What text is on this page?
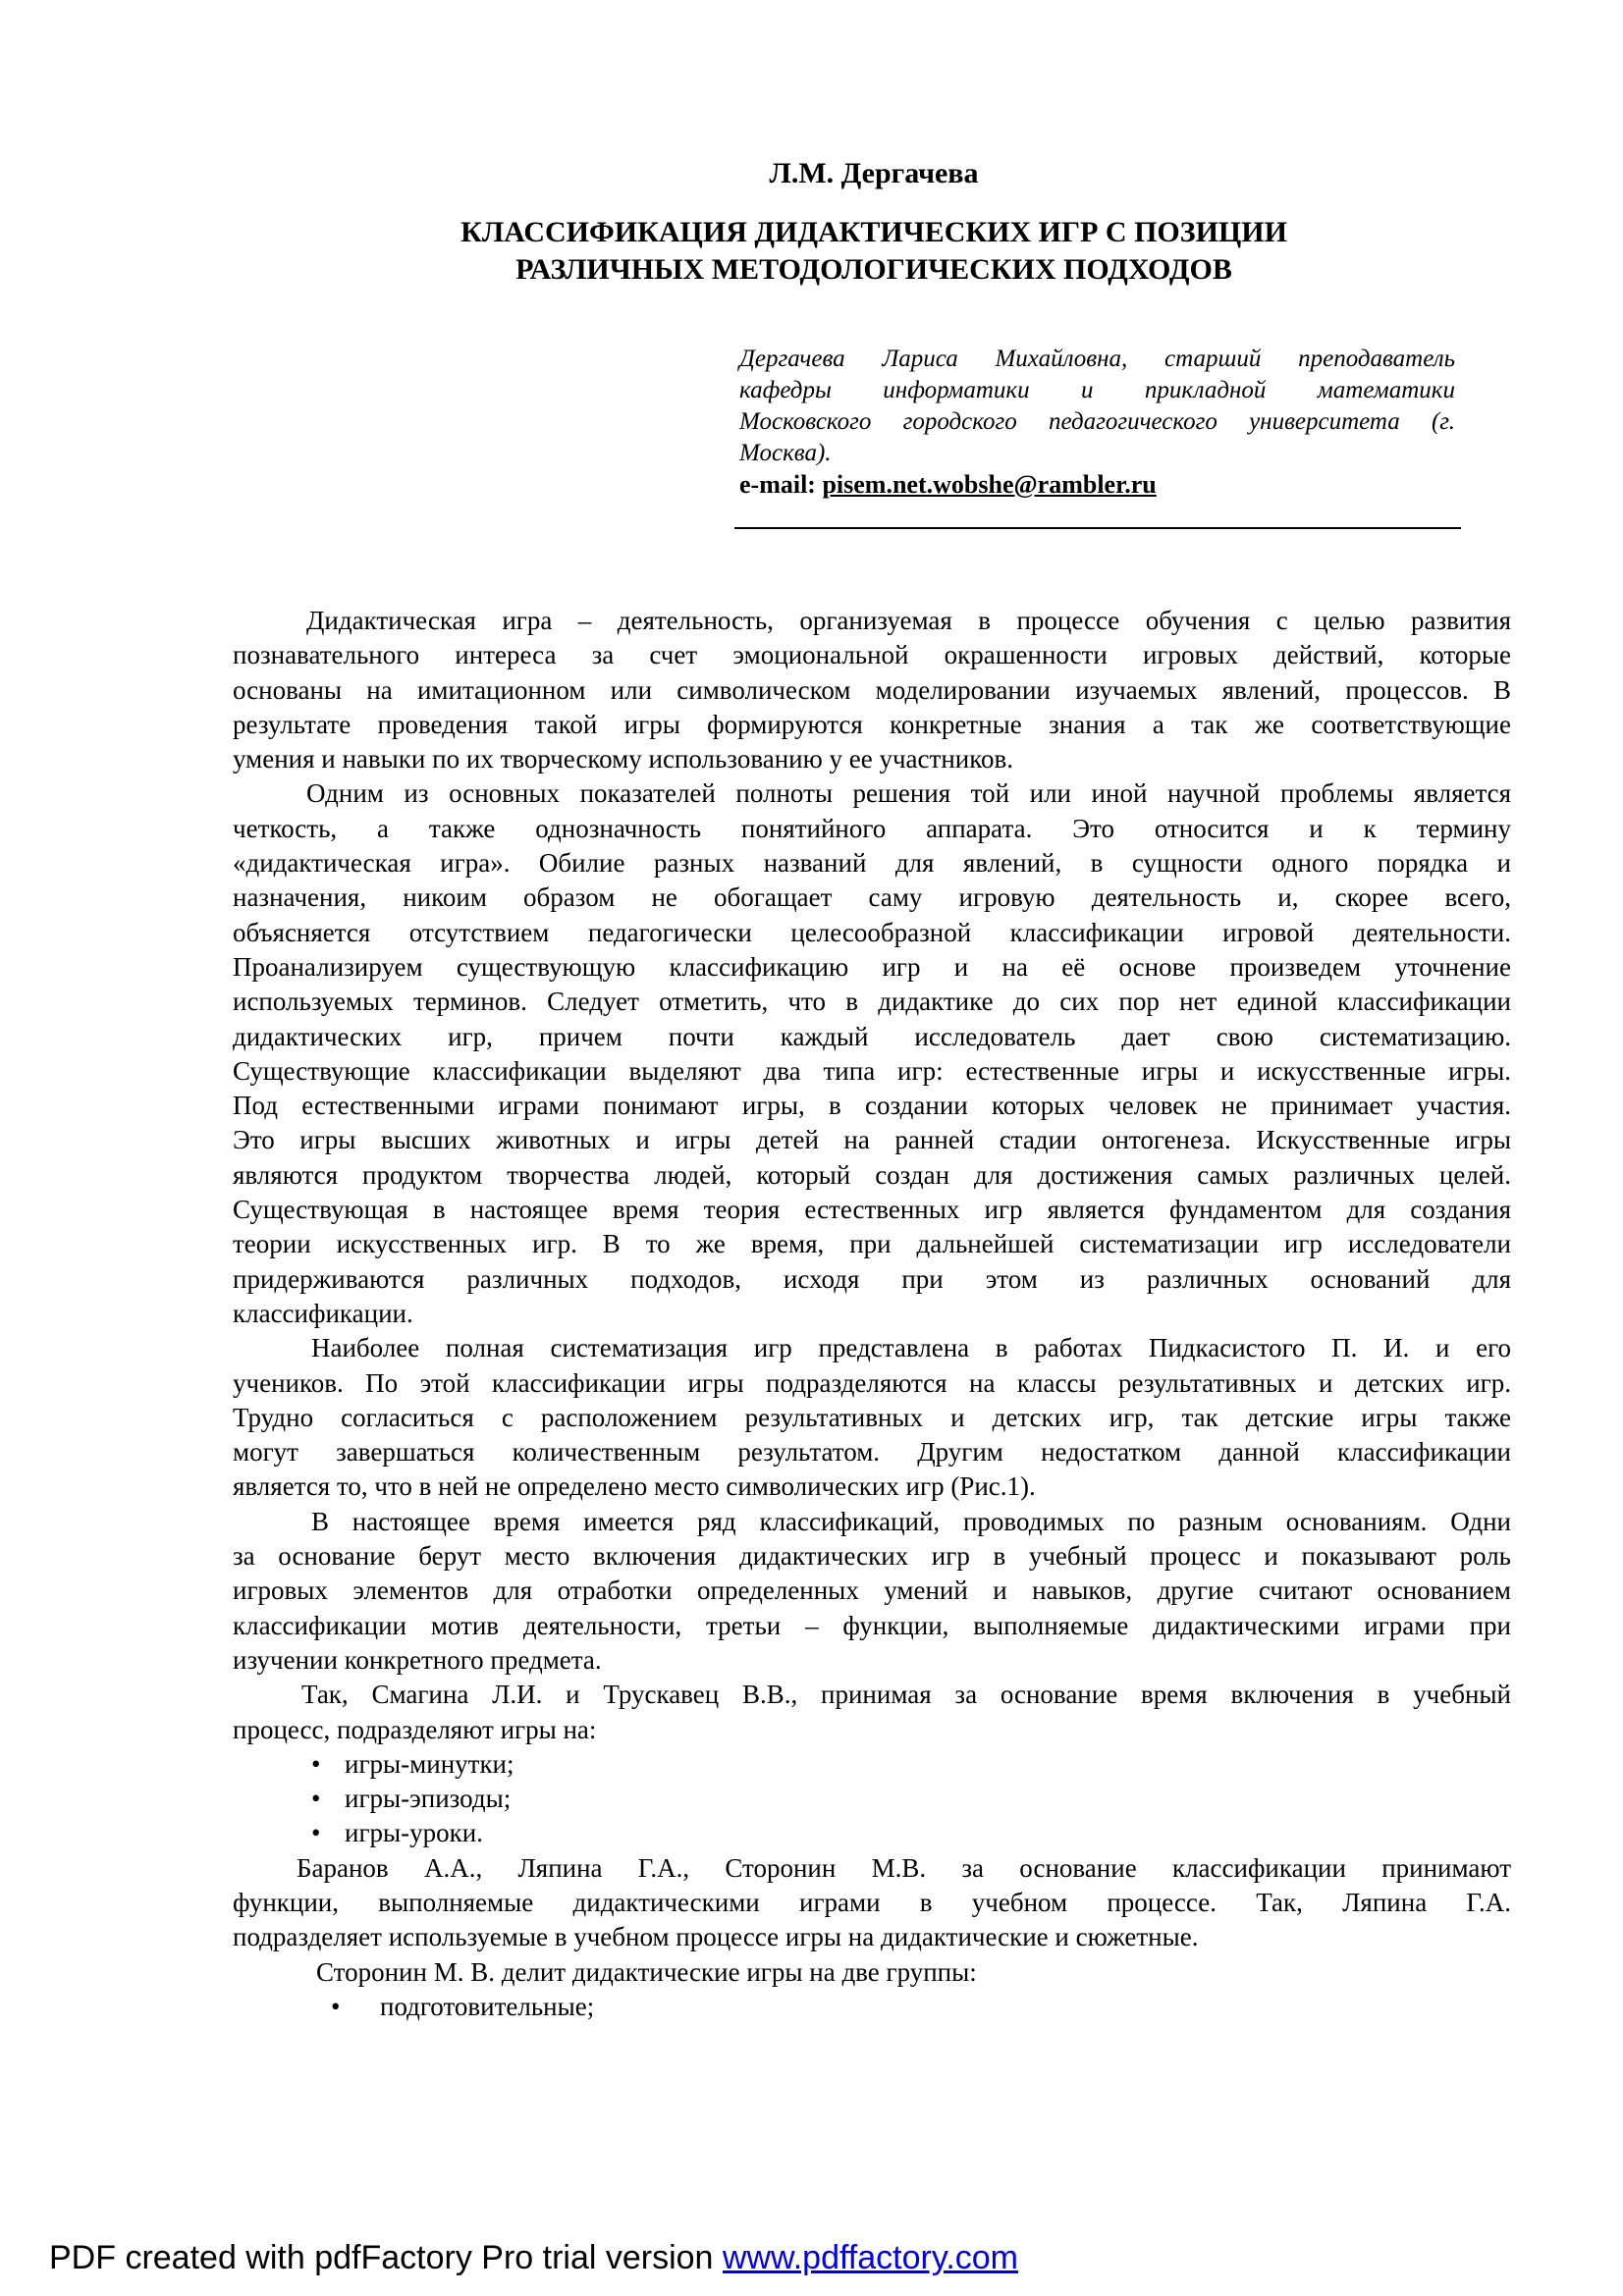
Л.М. Дергачева
КЛАССИФИКАЦИЯ ДИДАКТИЧЕСКИХ ИГР С ПОЗИЦИИ
РАЗЛИЧНЫХ МЕТОДОЛОГИЧЕСКИХ ПОДХОДОВ
Дергачева Лариса Михайловна, старший преподаватель
кафедры информатики и прикладной математики
Московского городского педагогического университета (г.
Москва).
e-mail: pisem.net.wobshe@rambler.ru
Дидактическая игра – деятельность, организуемая в процессе обучения с целью развития
познавательного интереса за счет эмоциональной окрашенности игровых действий, которые
основаны на имитационном или символическом моделировании изучаемых явлений, процессов. В
результате проведения такой игры формируются конкретные знания а так же соответствующие
умения и навыки по их творческому использованию у ее участников.
Одним из основных показателей полноты решения той или иной научной проблемы является
четкость, а также однозначность понятийного аппарата. Это относится и к термину
«дидактическая игра». Обилие разных названий для явлений, в сущности одного порядка и
назначения, никоим образом не обогащает саму игровую деятельность и, скорее всего,
объясняется отсутствием педагогически целесообразной классификации игровой деятельности.
Проанализируем существующую классификацию игр и на её основе произведем уточнение
используемых терминов. Следует отметить, что в дидактике до сих пор нет единой классификации
дидактических игр, причем почти каждый исследователь дает свою систематизацию.
Существующие классификации выделяют два типа игр: естественные игры и искусственные игры.
Под естественными играми понимают игры, в создании которых человек не принимает участия.
Это игры высших животных и игры детей на ранней стадии онтогенеза. Искусственные игры
являются продуктом творчества людей, который создан для достижения самых различных целей.
Существующая в настоящее время теория естественных игр является фундаментом для создания
теории искусственных игр. В то же время, при дальнейшей систематизации игр исследователи
придерживаются различных подходов, исходя при этом из различных оснований для
классификации.
Наиболее полная систематизация игр представлена в работах Пидкасистого П. И. и его
учеников. По этой классификации игры подразделяются на классы результативных и детских игр.
Трудно согласиться с расположением результативных и детских игр, так детские игры также
могут завершаться количественным результатом. Другим недостатком данной классификации
является то, что в ней не определено место символических игр (Рис.1).
В настоящее время имеется ряд классификаций, проводимых по разным основаниям. Одни
за основание берут место включения дидактических игр в учебный процесс и показывают роль
игровых элементов для отработки определенных умений и навыков, другие считают основанием
классификации мотив деятельности, третьи – функции, выполняемые дидактическими играми при
изучении конкретного предмета.
Так, Смагина Л.И. и Трускавец В.В., принимая за основание время включения в учебный
процесс, подразделяют игры на:
• игры-минутки;
• игры-эпизоды;
• игры-уроки.
Баранов А.А., Ляпина Г.А., Сторонин М.В. за основание классификации принимают
функции, выполняемые дидактическими играми в учебном процессе. Так, Ляпина Г.А.
подразделяет используемые в учебном процессе игры на дидактические и сюжетные.
Сторонин М. В. делит дидактические игры на две группы:
• подготовительные;
PDF created with pdfFactory Pro trial version www.pdffactory.com
